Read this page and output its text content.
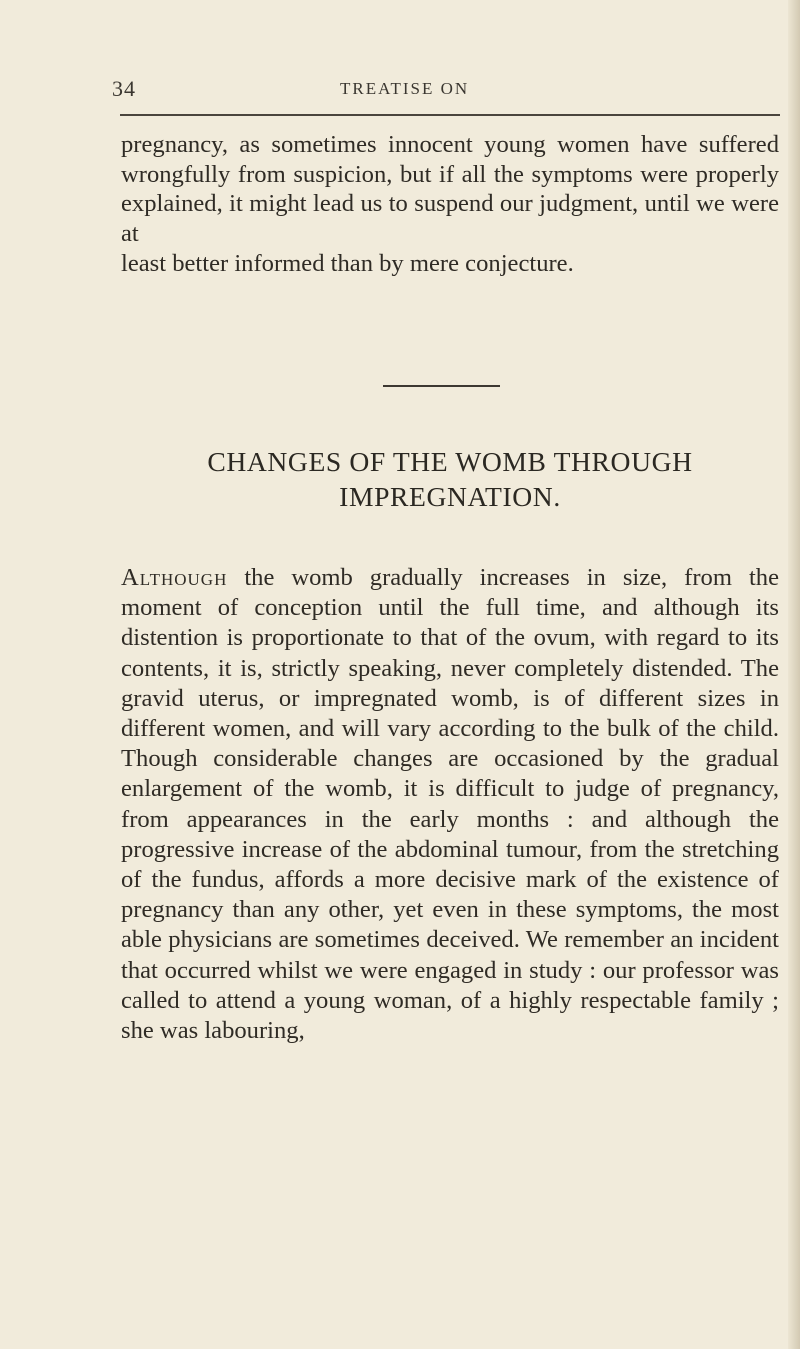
34	TREATISE ON

pregnancy, as sometimes innocent young women have suffered wrongfully from suspicion, but if all the symptoms were properly explained, it might lead us to suspend our judgment, until we were at
least better informed than by mere conjecture.

CHANGES OF THE WOMB THROUGH
IMPREGNATION.

Although the womb gradually increases in size, from the moment of conception until the full time, and although its distention is proportionate to that of the ovum, with regard to its contents, it is, strictly speaking, never completely distended. The gravid uterus, or impregnated womb, is of different sizes in different women, and will vary according to the bulk of the child. Though considerable changes are occasioned by the gradual enlargement of the womb, it is difficult to judge of pregnancy, from appearances in the early months : and although the progressive increase of the abdominal tumour, from the stretching of the fundus, affords a more decisive mark of the existence of pregnancy than any other, yet even in these symptoms, the most able physicians are sometimes deceived. We remember an incident that occurred whilst we were engaged in study : our professor was called to attend a young woman, of a highly respectable family ; she was labouring,
